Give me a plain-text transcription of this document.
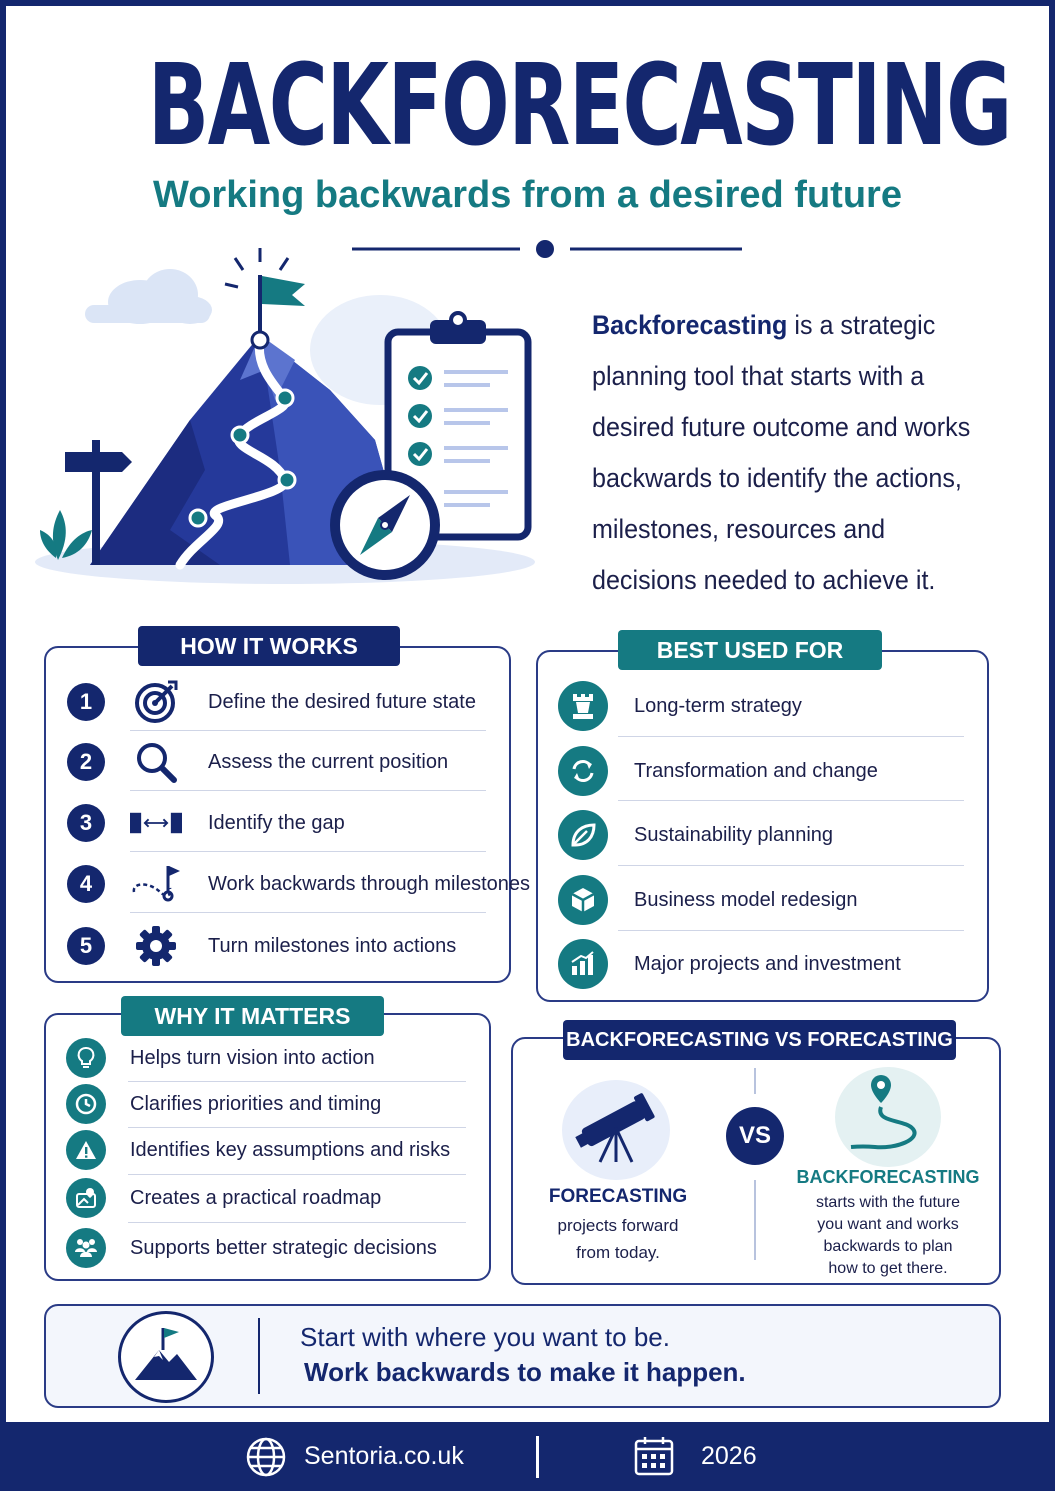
BACKFORECASTING
Working backwards from a desired future
Backforecasting is a strategic planning tool that starts with a desired future outcome and works backwards to identify the actions, milestones, resources and decisions needed to achieve it.
HOW IT WORKS
1	Define the desired future state
2	Assess the current position
3	Identify the gap
4	Work backwards through milestones
5	Turn milestones into actions
BEST USED FOR
Long-term strategy
Transformation and change
Sustainability planning
Business model redesign
Major projects and investment
WHY IT MATTERS
Helps turn vision into action
Clarifies priorities and timing
Identifies key assumptions and risks
Creates a practical roadmap
Supports better strategic decisions
BACKFORECASTING VS FORECASTING
FORECASTING
projects forward
from today.
VS
BACKFORECASTING
starts with the future
you want and works
backwards to plan
how to get there.
Start with where you want to be.
Work backwards to make it happen.
Sentoria.co.uk	2026
